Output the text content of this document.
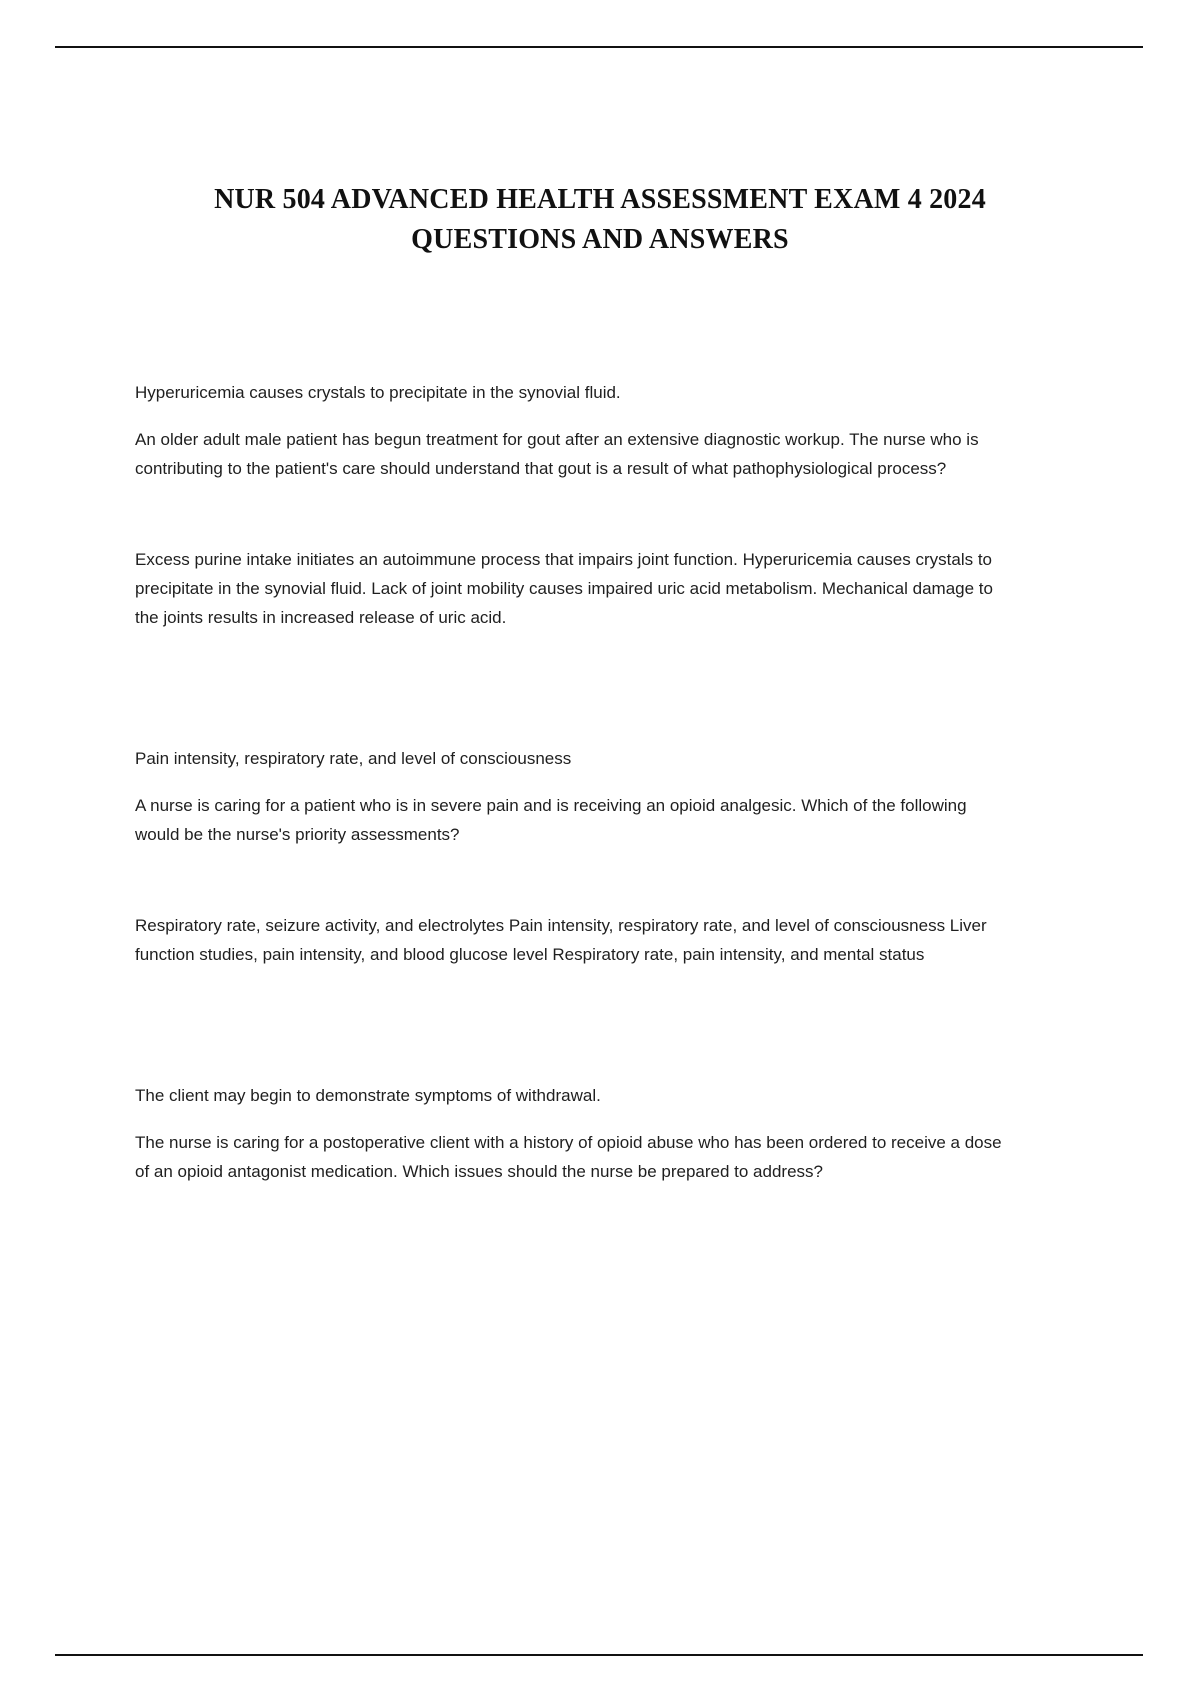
NUR 504 ADVANCED HEALTH ASSESSMENT EXAM 4 2024
QUESTIONS AND ANSWERS

Hyperuricemia causes crystals to precipitate in the synovial fluid.

An older adult male patient has begun treatment for gout after an extensive diagnostic workup. The nurse who is contributing to the patient's care should understand that gout is a result of what pathophysiological process?

Excess purine intake initiates an autoimmune process that impairs joint function. Hyperuricemia causes crystals to precipitate in the synovial fluid. Lack of joint mobility causes impaired uric acid metabolism. Mechanical damage to the joints results in increased release of uric acid.

Pain intensity, respiratory rate, and level of consciousness

A nurse is caring for a patient who is in severe pain and is receiving an opioid analgesic. Which of the following would be the nurse's priority assessments?

Respiratory rate, seizure activity, and electrolytes Pain intensity, respiratory rate, and level of consciousness Liver function studies, pain intensity, and blood glucose level Respiratory rate, pain intensity, and mental status

The client may begin to demonstrate symptoms of withdrawal.

The nurse is caring for a postoperative client with a history of opioid abuse who has been ordered to receive a dose of an opioid antagonist medication. Which issues should the nurse be prepared to address?
